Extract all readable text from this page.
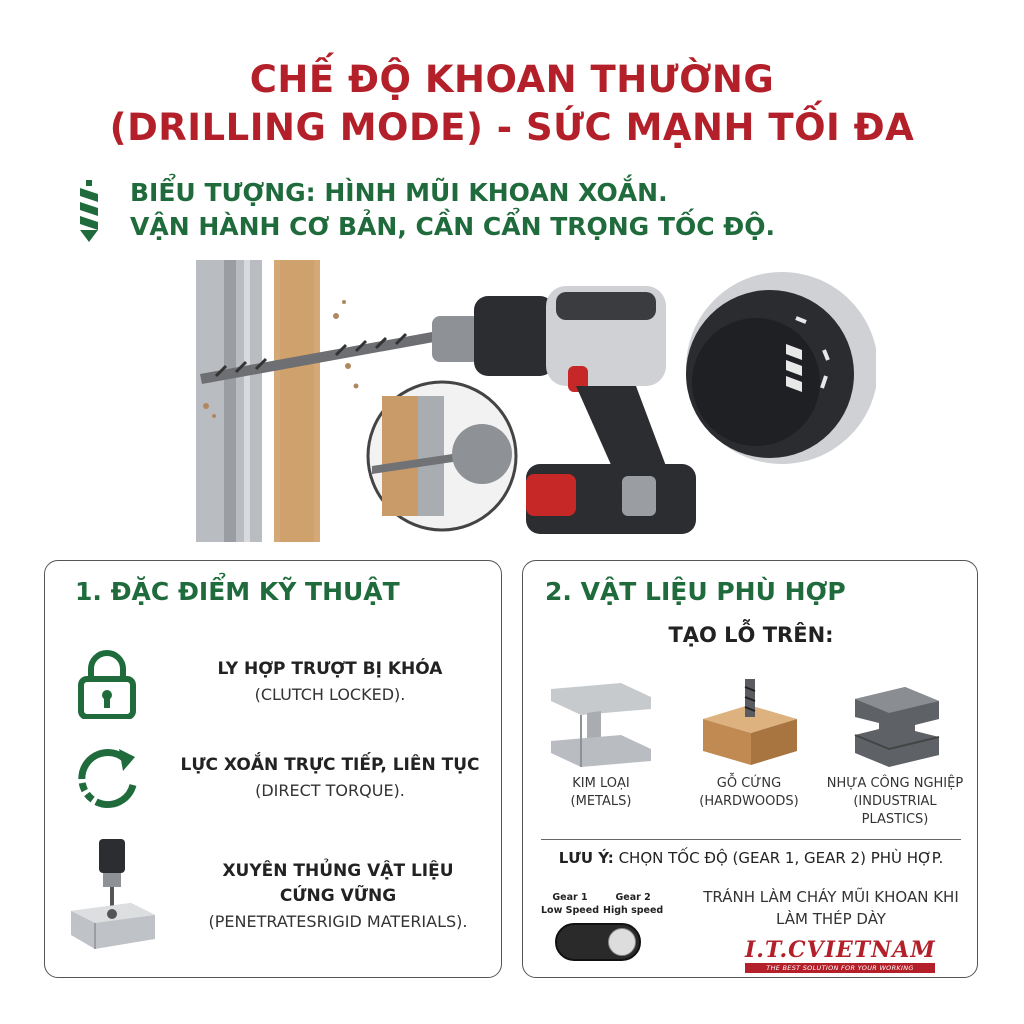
CHẾ ĐỘ KHOAN THƯỜNG
(DRILLING MODE) - SỨC MẠNH TỐI ĐA
BIỂU TƯỢNG: HÌNH MŨI KHOAN XOẮN.
VẬN HÀNH CƠ BẢN, CẦN CẨN TRỌNG TỐC ĐỘ.
1. ĐẶC ĐIỂM KỸ THUẬT
LY HỢP TRƯỢT BỊ KHÓA
(CLUTCH LOCKED).
LỰC XOẮN TRỰC TIẾP, LIÊN TỤC
(DIRECT TORQUE).
XUYÊN THỦNG VẬT LIỆU
CỨNG VỮNG
(PENETRATESRIGID MATERIALS).
2. VẬT LIỆU PHÙ HỢP
TẠO LỖ TRÊN:
KIM LOẠI
(METALS)
GỖ CỨNG
(HARDWOODS)
NHỰA CÔNG NGHIỆP
(INDUSTRIAL PLASTICS)
LƯU Ý: CHỌN TỐC ĐỘ (GEAR 1, GEAR 2) PHÙ HỢP.
Gear 1
Low Speed
Gear 2
High speed
TRÁNH LÀM CHÁY MŨI KHOAN KHI
LÀM THÉP DÀY
I.T.CVIETNAM
THE BEST SOLUTION FOR YOUR WORKING
